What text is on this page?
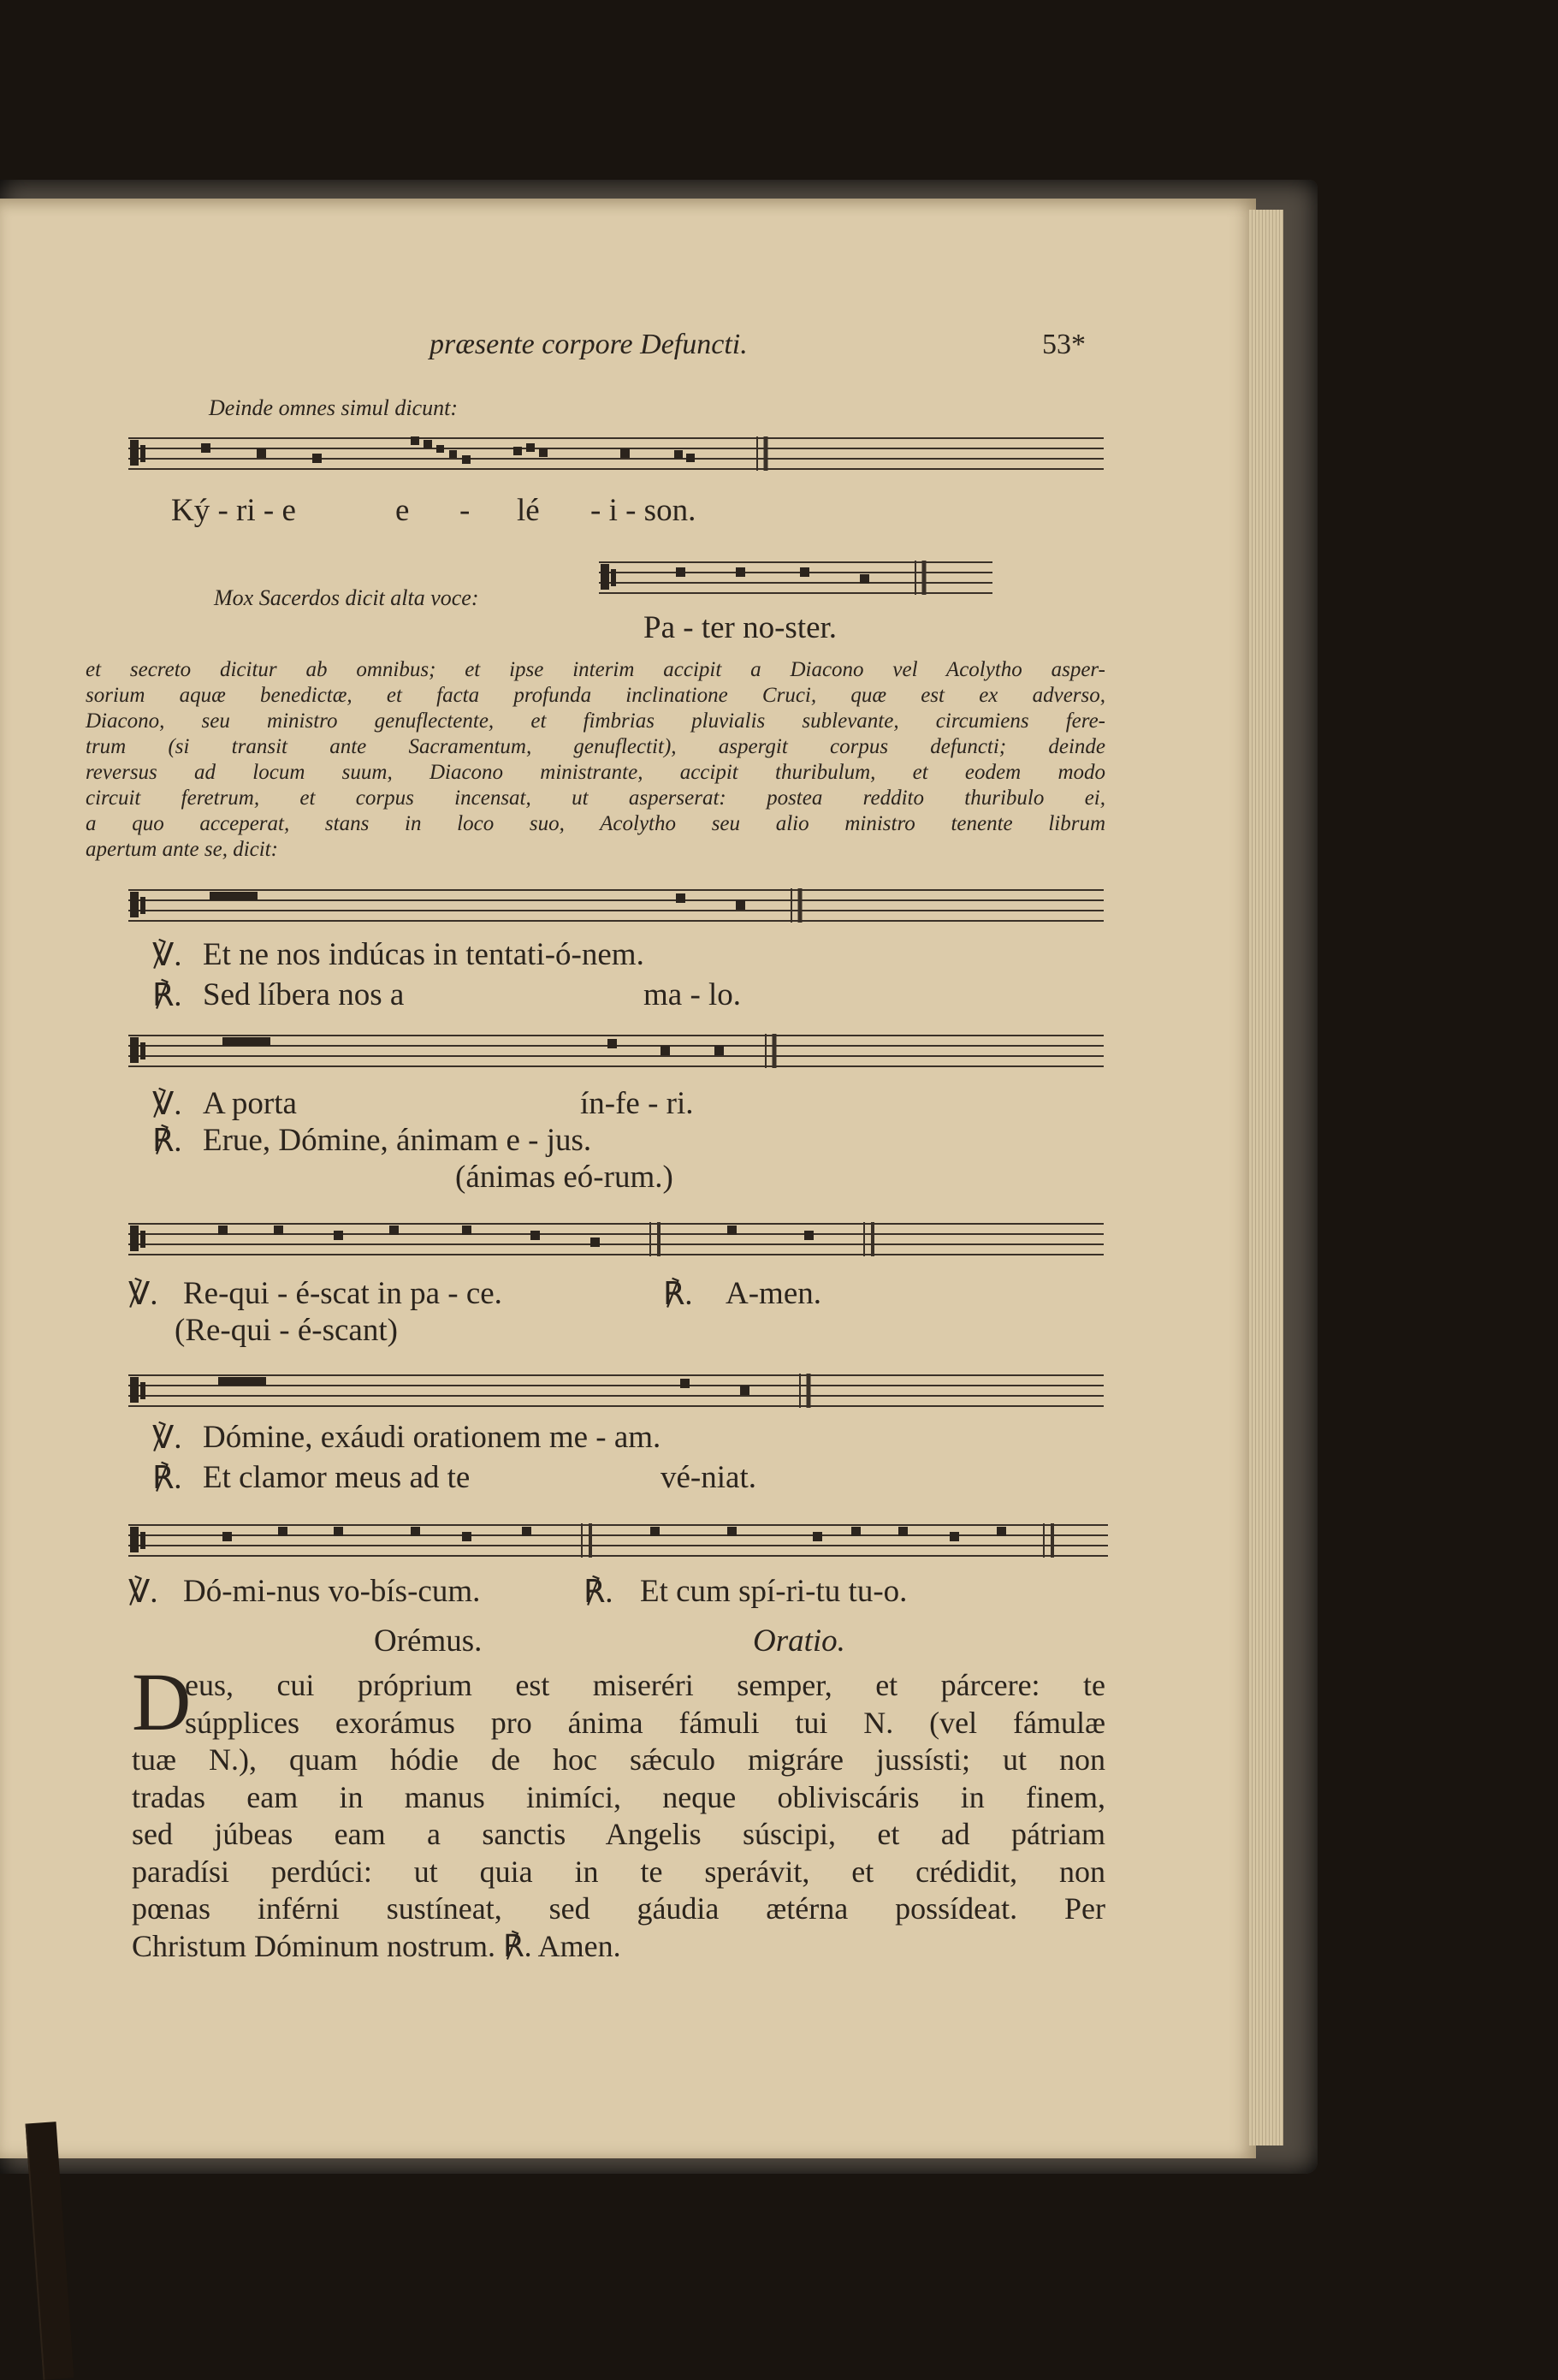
præsente corpore Defuncti.	53*
Deinde omnes simul dicunt:
Ký - ri - e	e - lé - i - son.
Mox Sacerdos dicit alta voce:
Pa - ter no-ster.
et secreto dicitur ab omnibus; et ipse interim accipit a Diacono vel Acolytho asper-
sorium aquæ benedictæ, et facta profunda inclinatione Cruci, quæ est ex adverso,
Diacono, seu ministro genuflectente, et fimbrias pluvialis sublevante, circumiens fere-
trum (si transit ante Sacramentum, genuflectit), aspergit corpus defuncti; deinde
reversus ad locum suum, Diacono ministrante, accipit thuribulum, et eodem modo
circuit feretrum, et corpus incensat, ut asperserat: postea reddito thuribulo ei,
a quo acceperat, stans in loco suo, Acolytho seu alio ministro tenente librum
apertum ante se, dicit:
℣. Et ne nos indúcas in tentati-ó-nem.
℟. Sed líbera nos a	ma - lo.
℣. A porta	ín-fe - ri.
℟. Erue, Dómine, ánimam e - jus.
(ánimas eó-rum.)
℣. Re-qui - é-scat in pa - ce.	℟. A-men.
(Re-qui - é-scant)
℣. Dómine, exáudi orationem me - am.
℟. Et clamor meus ad te	vé-niat.
℣. Dó-mi-nus vo-bís-cum.	℟. Et cum spí-ri-tu tu-o.
Orémus.	Oratio.
D
eus, cui próprium est miseréri semper, et párcere: te
súpplices exorámus pro ánima fámuli tui N. (vel fámulæ
tuæ N.), quam hódie de hoc sǽculo migráre jussísti; ut non
tradas eam in manus inimíci, neque obliviscáris in finem,
sed júbeas eam a sanctis Angelis súscipi, et ad pátriam
paradísi perdúci: ut quia in te sperávit, et crédidit, non
pœnas inférni sustíneat, sed gáudia ætérna possídeat. Per
Christum Dóminum nostrum. ℟. Amen.
